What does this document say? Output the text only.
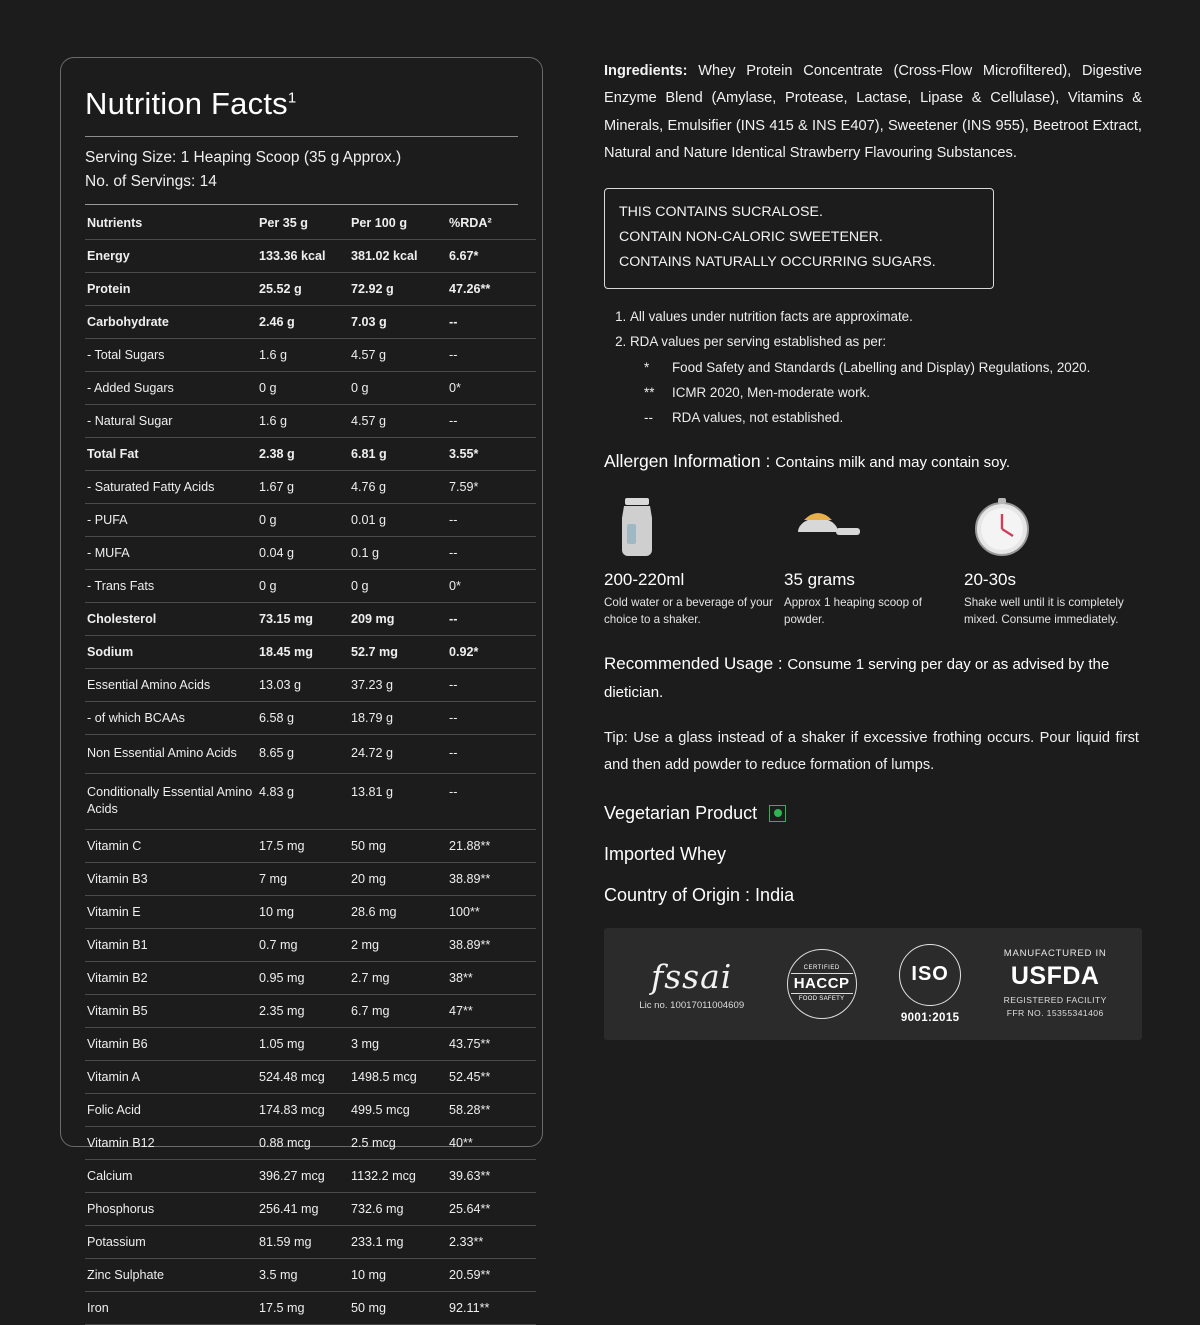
Nutrition Facts$^1$
Serving Size: 1 Heaping Scoop (35 g Approx.)
No. of Servings: 14
Nutrients	Per 35 g	Per 100 g	%RDA²
Energy	133.36 kcal	381.02 kcal	6.67*
Protein	25.52 g	72.92 g	47.26**
Carbohydrate	2.46 g	7.03 g	--
- Total Sugars	1.6 g	4.57 g	--
- Added Sugars	0 g	0 g	0*
- Natural Sugar	1.6 g	4.57 g	--
Total Fat	2.38 g	6.81 g	3.55*
- Saturated Fatty Acids	1.67 g	4.76 g	7.59*
- PUFA	0 g	0.01 g	--
- MUFA	0.04 g	0.1 g	--
- Trans Fats	0 g	0 g	0*
Cholesterol	73.15 mg	209 mg	--
Sodium	18.45 mg	52.7 mg	0.92*
Essential Amino Acids	13.03 g	37.23 g	--
- of which BCAAs	6.58 g	18.79 g	--
Non Essential Amino Acids	8.65 g	24.72 g	--
Conditionally Essential Amino Acids	4.83 g	13.81 g	--
Vitamin C	17.5 mg	50 mg	21.88**
Vitamin B3	7 mg	20 mg	38.89**
Vitamin E	10 mg	28.6 mg	100**
Vitamin B1	0.7 mg	2 mg	38.89**
Vitamin B2	0.95 mg	2.7 mg	38**
Vitamin B5	2.35 mg	6.7 mg	47**
Vitamin B6	1.05 mg	3 mg	43.75**
Vitamin A	524.48 mcg	1498.5 mcg	52.45**
Folic Acid	174.83 mcg	499.5 mcg	58.28**
Vitamin B12	0.88 mcg	2.5 mcg	40**
Calcium	396.27 mcg	1132.2 mcg	39.63**
Phosphorus	256.41 mg	732.6 mg	25.64**
Potassium	81.59 mg	233.1 mg	2.33**
Zinc Sulphate	3.5 mg	10 mg	20.59**
Iron	17.5 mg	50 mg	92.11**
Ingredients: Whey Protein Concentrate (Cross-Flow Microfiltered), Digestive Enzyme Blend (Amylase, Protease, Lactase, Lipase & Cellulase), Vitamins & Minerals, Emulsifier (INS 415 & INS E407), Sweetener (INS 955), Beetroot Extract, Natural and Nature Identical Strawberry Flavouring Substances.
THIS CONTAINS SUCRALOSE.
CONTAIN NON-CALORIC SWEETENER.
CONTAINS NATURALLY OCCURRING SUGARS.
1. All values under nutrition facts are approximate.
2. RDA values per serving established as per:
*	Food Safety and Standards (Labelling and Display) Regulations, 2020.
**	ICMR 2020, Men-moderate work.
--	RDA values, not established.
Allergen Information : Contains milk and may contain soy.
200-220ml
Cold water or a beverage of your choice to a shaker.
35 grams
Approx 1 heaping scoop of powder.
20-30s
Shake well until it is completely mixed. Consume immediately.
Recommended Usage : Consume 1 serving per day or as advised by the dietician.
Tip: Use a glass instead of a shaker if excessive frothing occurs. Pour liquid first and then add powder to reduce formation of lumps.
Vegetarian Product
Imported Whey
Country of Origin : India
fssai
Lic no. 10017011004609
CERTIFIED
HACCP
FOOD SAFETY
ISO
9001:2015
MANUFACTURED IN
USFDA
REGISTERED FACILITY
FFR NO. 15355341406
